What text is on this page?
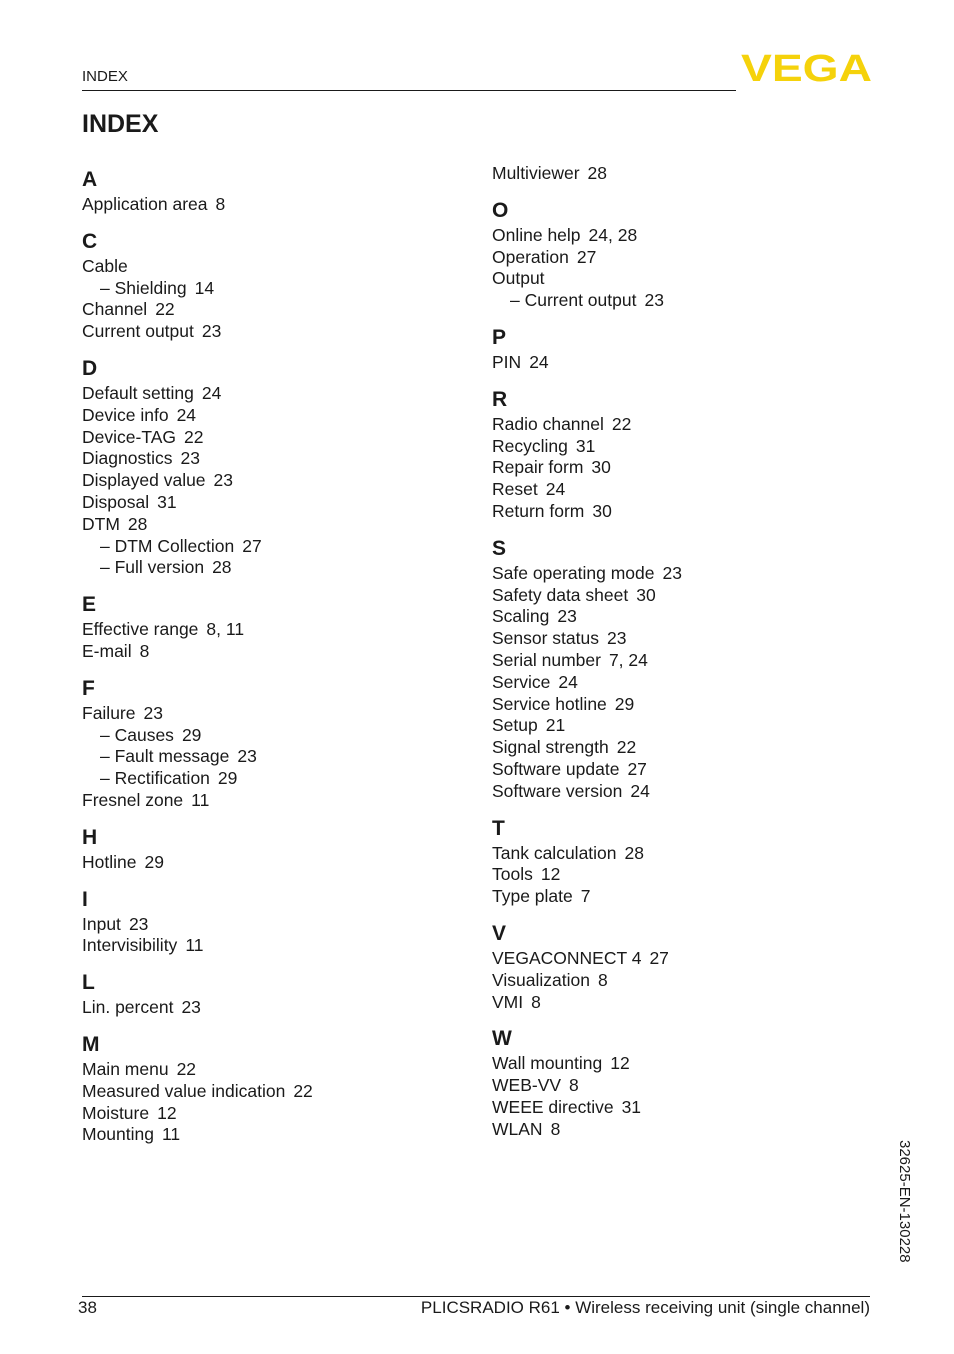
INDEX	VEGA
INDEX
A
Application area 8
C
Cable
– Shielding 14
Channel 22
Current output 23
D
Default setting 24
Device info 24
Device-TAG 22
Diagnostics 23
Displayed value 23
Disposal 31
DTM 28
– DTM Collection 27
– Full version 28
E
Effective range 8, 11
E-mail 8
F
Failure 23
– Causes 29
– Fault message 23
– Rectification 29
Fresnel zone 11
H
Hotline 29
I
Input 23
Intervisibility 11
L
Lin. percent 23
M
Main menu 22
Measured value indication 22
Moisture 12
Mounting 11
Multiviewer 28
O
Online help 24, 28
Operation 27
Output
– Current output 23
P
PIN 24
R
Radio channel 22
Recycling 31
Repair form 30
Reset 24
Return form 30
S
Safe operating mode 23
Safety data sheet 30
Scaling 23
Sensor status 23
Serial number 7, 24
Service 24
Service hotline 29
Setup 21
Signal strength 22
Software update 27
Software version 24
T
Tank calculation 28
Tools 12
Type plate 7
V
VEGACONNECT 4 27
Visualization 8
VMI 8
W
Wall mounting 12
WEB-VV 8
WEEE directive 31
WLAN 8
32625-EN-130228
38	PLICSRADIO R61 • Wireless receiving unit (single channel)
